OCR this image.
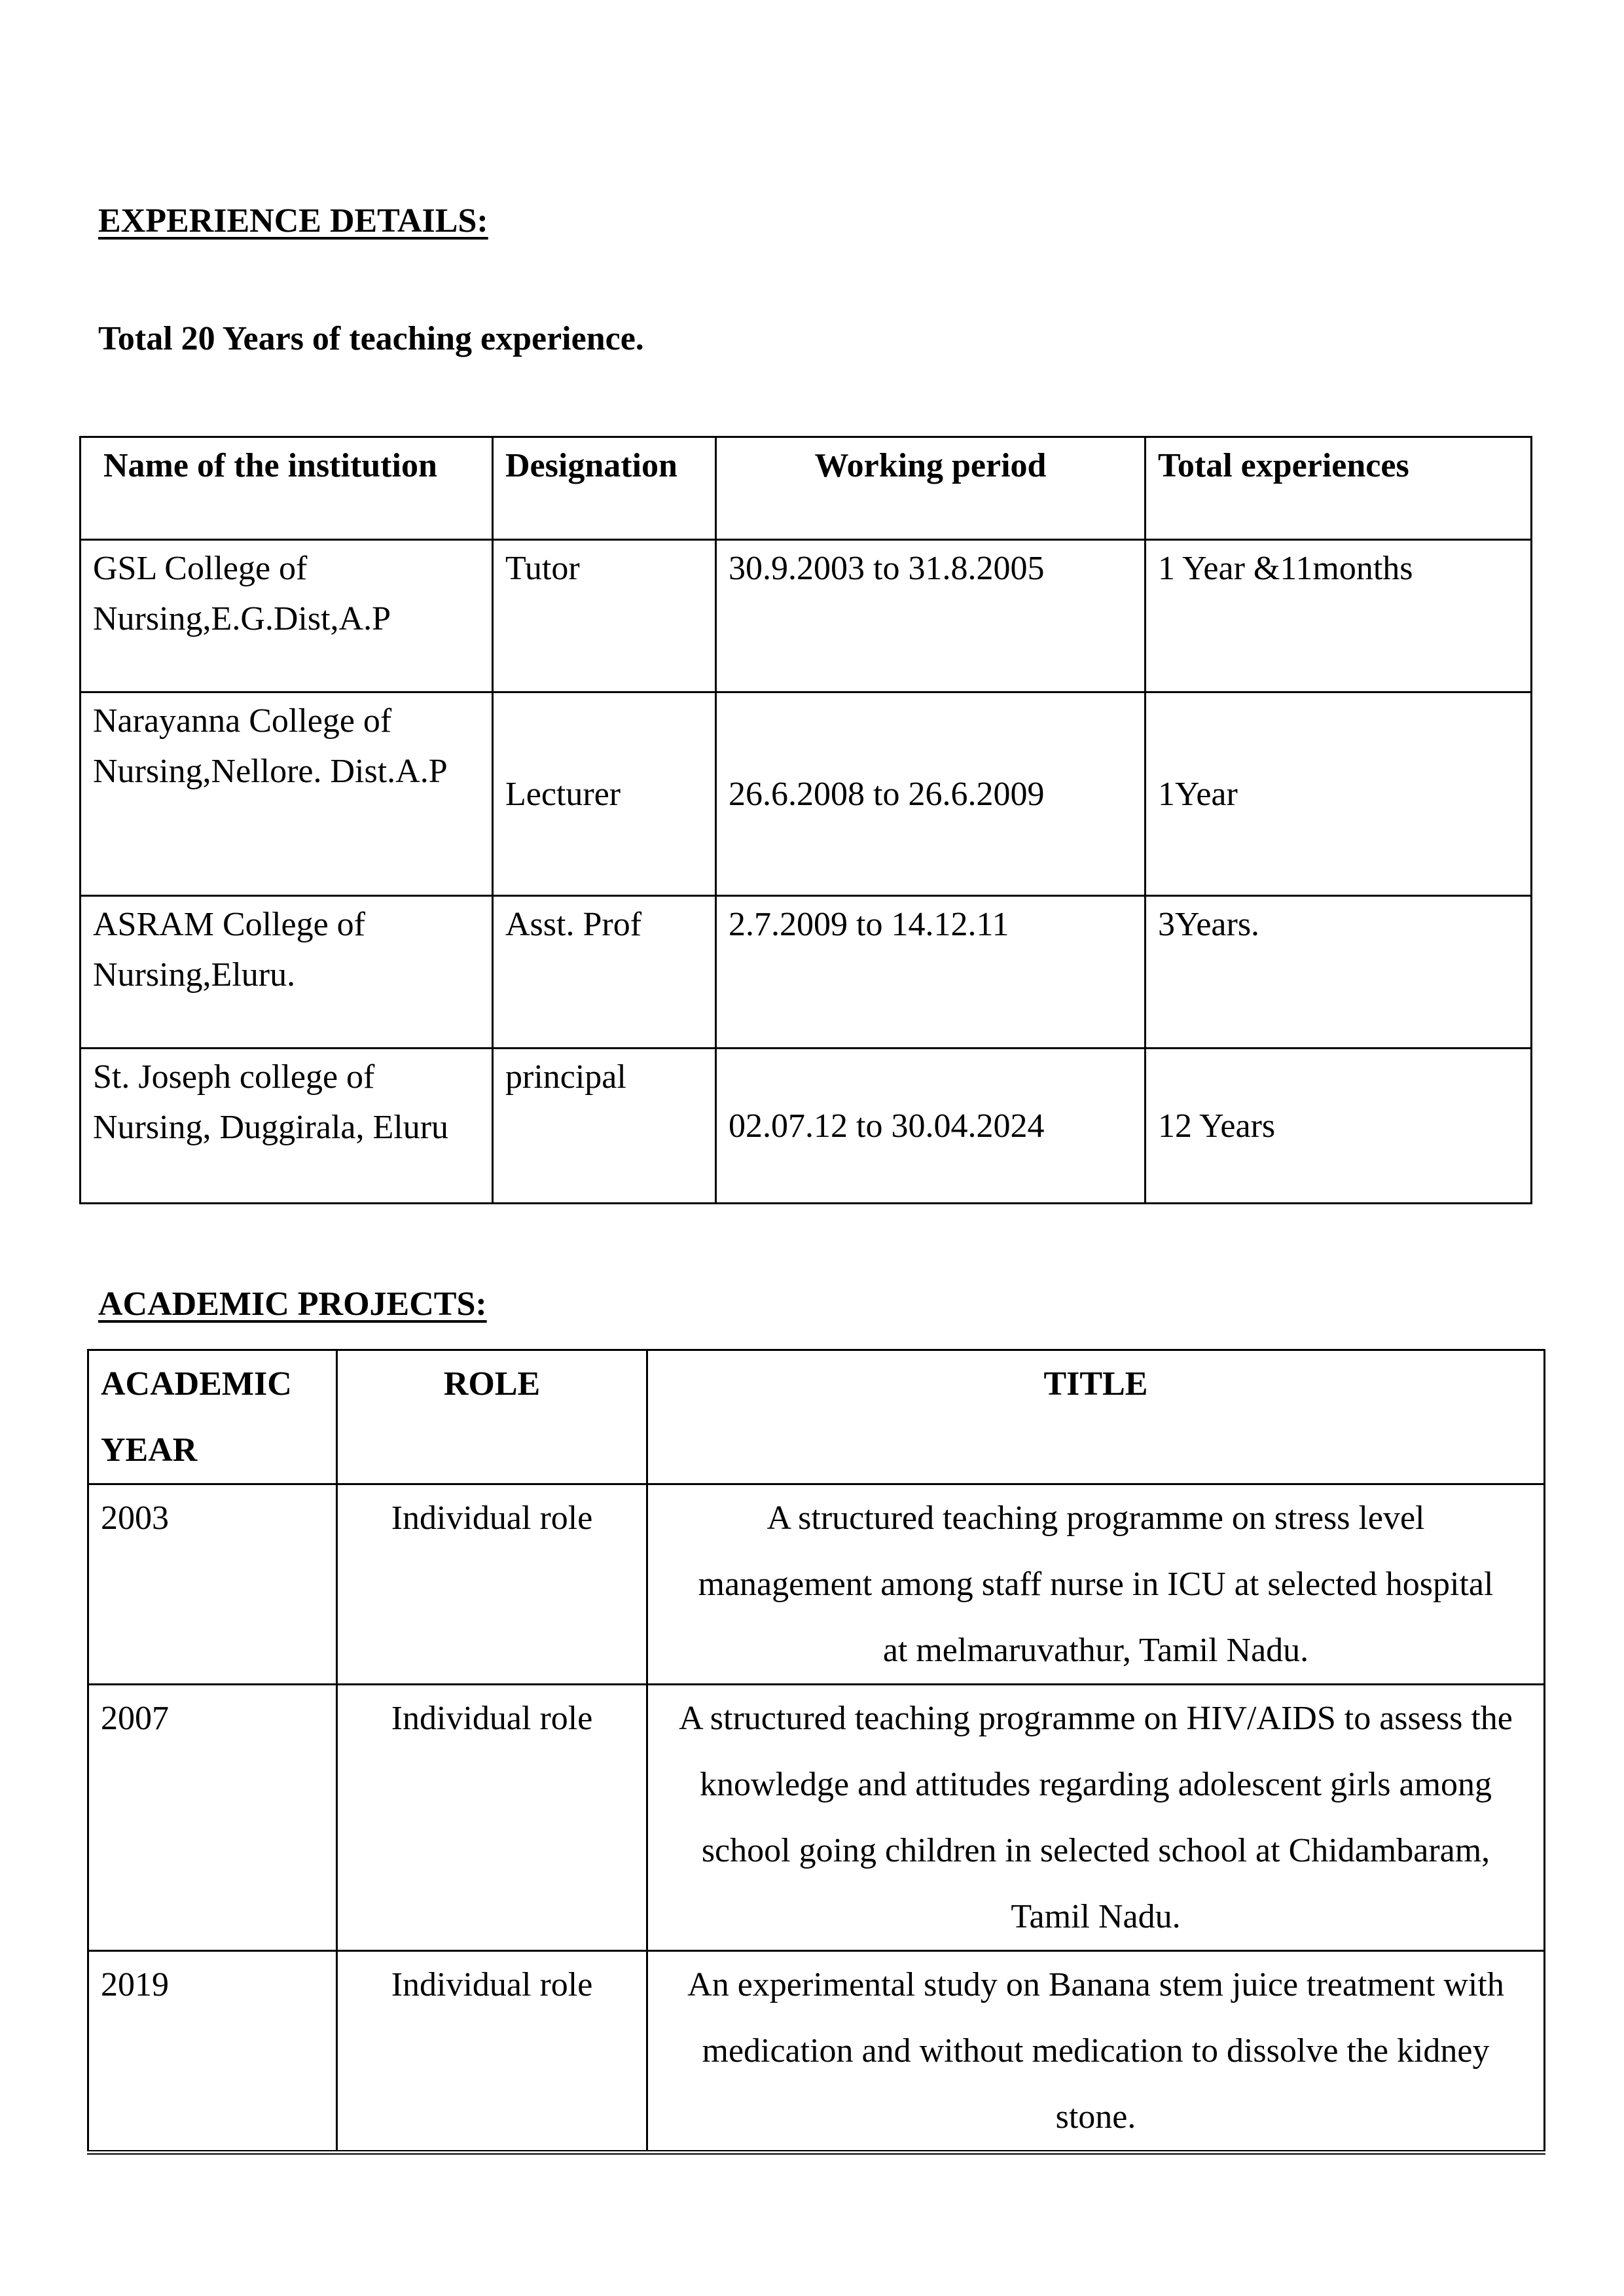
EXPERIENCE DETAILS:

Total 20 Years of teaching experience.

Name of the institution	Designation	Working period	Total experiences
GSL College of Nursing,E.G.Dist,A.P	Tutor	30.9.2003 to 31.8.2005	1 Year &11months
Narayanna College of Nursing,Nellore. Dist.A.P	Lecturer	26.6.2008 to 26.6.2009	1Year
ASRAM College of Nursing,Eluru.	Asst. Prof	2.7.2009 to 14.12.11	3Years.
St. Joseph college of Nursing, Duggirala, Eluru	principal	02.07.12 to 30.04.2024	12 Years
ACADEMIC PROJECTS:
ACADEMIC YEAR	ROLE	TITLE
2003	Individual role	A structured teaching programme on stress level management among staff nurse in ICU at selected hospital at melmaruvathur, Tamil Nadu.
2007	Individual role	A structured teaching programme on HIV/AIDS to assess the knowledge and attitudes regarding adolescent girls among school going children in selected school at Chidambaram, Tamil Nadu.
2019	Individual role	An experimental study on Banana stem juice treatment with medication and without medication to dissolve the kidney stone.
